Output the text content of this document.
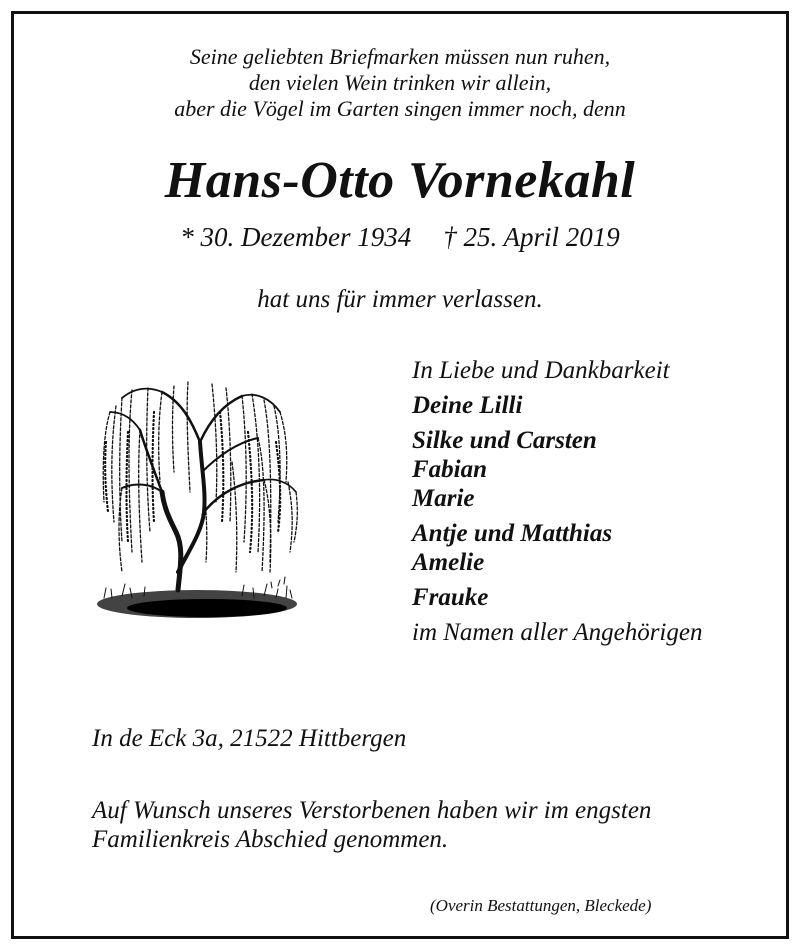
Seine geliebten Briefmarken müssen nun ruhen,
den vielen Wein trinken wir allein,
aber die Vögel im Garten singen immer noch, denn
Hans-Otto Vornekahl
* 30. Dezember 1934 † 25. April 2019
hat uns für immer verlassen.
In Liebe und Dankbarkeit
Deine Lilli
Silke und Carsten
Fabian
Marie
Antje und Matthias
Amelie
Frauke
im Namen aller Angehörigen
In de Eck 3a, 21522 Hittbergen
Auf Wunsch unseres Verstorbenen haben wir im engsten
Familienkreis Abschied genommen.
(Overin Bestattungen, Bleckede)
